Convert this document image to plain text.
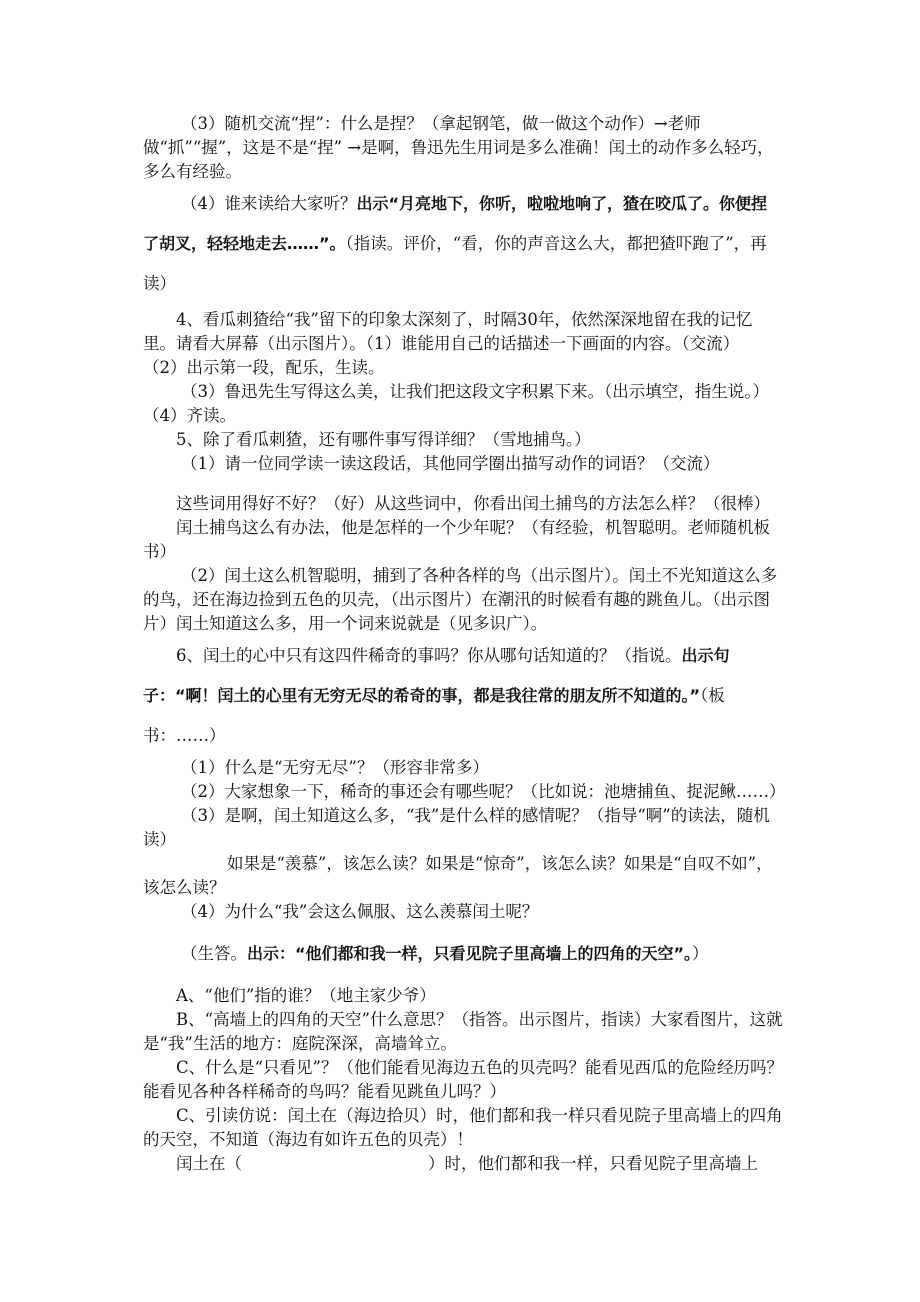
（3）随机交流“捏”：什么是捏？（拿起钢笔，做一做这个动作）→老师做“抓”“握”，这是不是“捏” →是啊，鲁迅先生用词是多么准确！闰土的动作多么轻巧，多么有经验。

（4）谁来读给大家听？出示“月亮地下，你听，啦啦地响了，猹在咬瓜了。你便捏了胡叉，轻轻地走去……”。（指读。评价，“看，你的声音这么大，都把猹吓跑了”，再读）

4、看瓜刺猹给“我”留下的印象太深刻了，时隔30年，依然深深地留在我的记忆里。请看大屏幕（出示图片）。（1）谁能用自己的话描述一下画面的内容。（交流）　　（2）出示第一段，配乐，生读。

（3）鲁迅先生写得这么美，让我们把这段文字积累下来。（出示填空，指生说。）　　（4）齐读。

5、除了看瓜刺猹，还有哪件事写得详细？（雪地捕鸟。）

（1）请一位同学读一读这段话，其他同学圈出描写动作的词语？（交流）

这些词用得好不好？（好）从这些词中，你看出闰土捕鸟的方法怎么样？（很棒）

闰土捕鸟这么有办法，他是怎样的一个少年呢？（有经验，机智聪明。老师随机板书）

（2）闰土这么机智聪明，捕到了各种各样的鸟（出示图片）。闰土不光知道这么多的鸟，还在海边捡到五色的贝壳，（出示图片）在潮汛的时候看有趣的跳鱼儿。（出示图片）闰土知道这么多，用一个词来说就是（见多识广）。

6、闰土的心中只有这四件稀奇的事吗？你从哪句话知道的？（指说。出示句子：“啊！闰土的心里有无穷无尽的希奇的事，都是我往常的朋友所不知道的。”（板书：……）

（1）什么是“无穷无尽”？（形容非常多）

（2）大家想象一下，稀奇的事还会有哪些呢？（比如说：池塘捕鱼、捉泥鳅……）

（3）是啊，闰土知道这么多，“我”是什么样的感情呢？（指导“啊”的读法，随机读）

如果是“羡慕”，该怎么读？如果是“惊奇”，该怎么读？如果是“自叹不如”，该怎么读？

（4）为什么“我”会这么佩服、这么羡慕闰土呢？

（生答。出示：“他们都和我一样，只看见院子里高墙上的四角的天空”。）

A、“他们”指的谁？（地主家少爷）

B、“高墙上的四角的天空”什么意思？（指答。出示图片，指读）大家看图片，这就是“我”生活的地方：庭院深深，高墙耸立。

C、什么是“只看见”？（他们能看见海边五色的贝壳吗？能看见西瓜的危险经历吗？能看见各种各样稀奇的鸟吗？能看见跳鱼儿吗？）

C、引读仿说：闰土在（海边拾贝）时，他们都和我一样只看见院子里高墙上的四角的天空，不知道（海边有如许五色的贝壳）！

闰土在（	）时，他们都和我一样，只看见院子里高墙上
